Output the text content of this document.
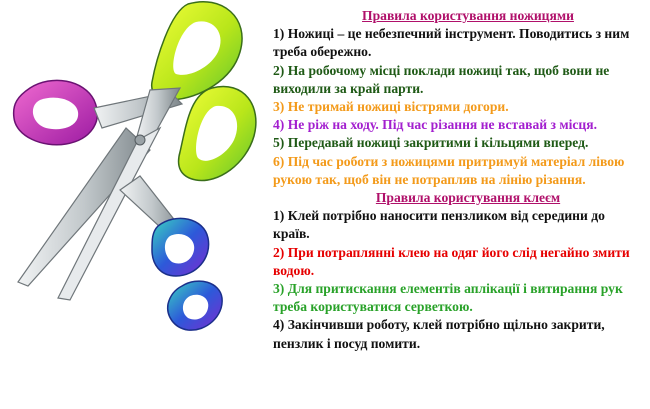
Правила користування ножицями

1) Ножиці – це небезпечний інструмент. Поводитись з ним треба обережно.

2) На робочому місці поклади ножиці так, щоб вони не виходили за край парти.

3) Не тримай ножиці вістрями догори.

4) Не ріж на ходу. Під час різання не вставай з місця.

5) Передавай ножиці закритими і кільцями вперед.

6) Під час роботи з ножицями притримуй матеріал лівою рукою так, щоб він не потрапляв на лінію різання.

Правила користування клеєм

1) Клей потрібно наносити пензликом від середини до країв.

2) При потраплянні клею на одяг його слід негайно змити водою.

3) Для притискання елементів аплікації і витирання рук треба користуватися серветкою.

4) Закінчивши роботу, клей потрібно щільно закрити, пензлик і посуд помити.
